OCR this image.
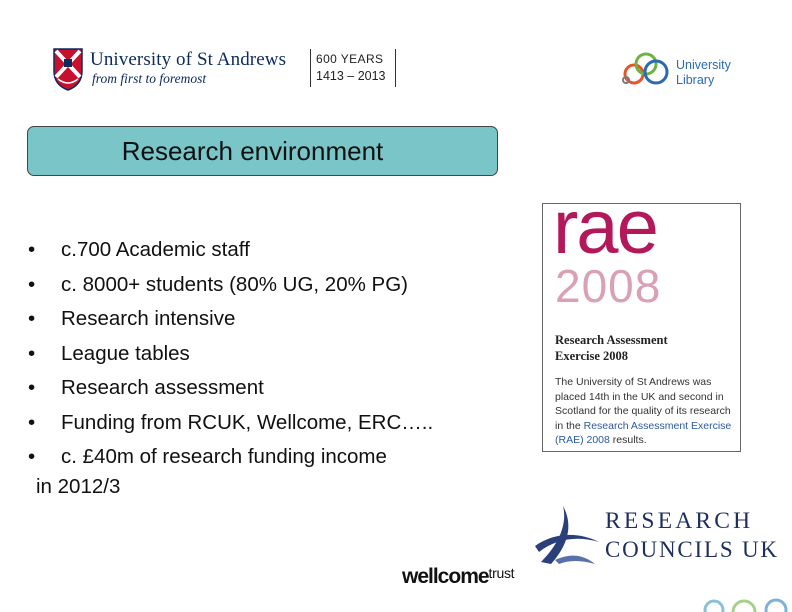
University of St Andrews
from first to foremost
600 YEARS
1413 – 2013
University
Library
Research environment
•	c.700 Academic staff
•	c. 8000+ students (80% UG, 20% PG)
•	Research intensive
•	League tables
•	Research assessment
•	Funding from RCUK, Wellcome, ERC…..
•	c. £40m of research funding income
in 2012/3
rae
2008
Research Assessment
Exercise 2008
The University of St Andrews was
placed 14th in the UK and second in
Scotland for the quality of its research
in the Research Assessment Exercise
(RAE) 2008 results.
RESEARCH
COUNCILS UK
wellcometrust
